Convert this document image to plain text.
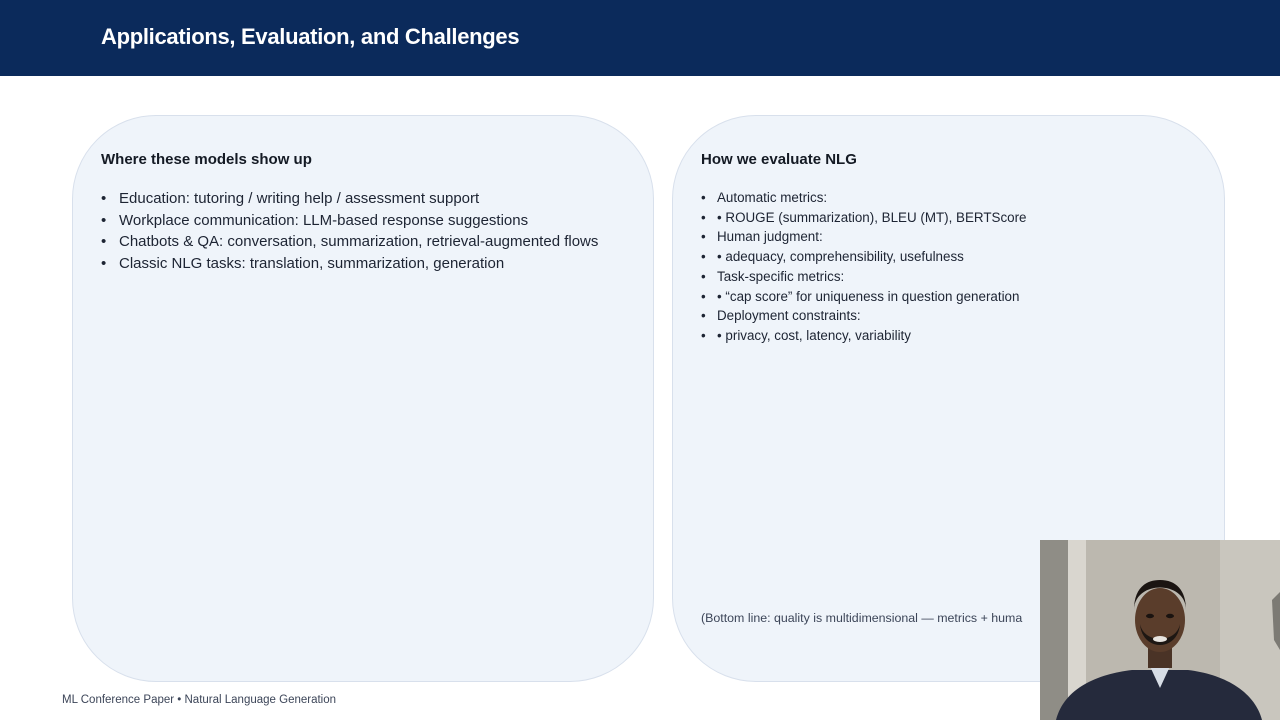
Applications, Evaluation, and Challenges
Where these models show up
• Education: tutoring / writing help / assessment support
• Workplace communication: LLM-based response suggestions
• Chatbots & QA: conversation, summarization, retrieval-augmented flows
• Classic NLG tasks: translation, summarization, generation
How we evaluate NLG
• Automatic metrics:
• • ROUGE (summarization), BLEU (MT), BERTScore
• Human judgment:
• • adequacy, comprehensibility, usefulness
• Task-specific metrics:
• • “cap score” for uniqueness in question generation
• Deployment constraints:
• • privacy, cost, latency, variability
(Bottom line: quality is multidimensional — metrics + huma
ML Conference Paper • Natural Language Generation
